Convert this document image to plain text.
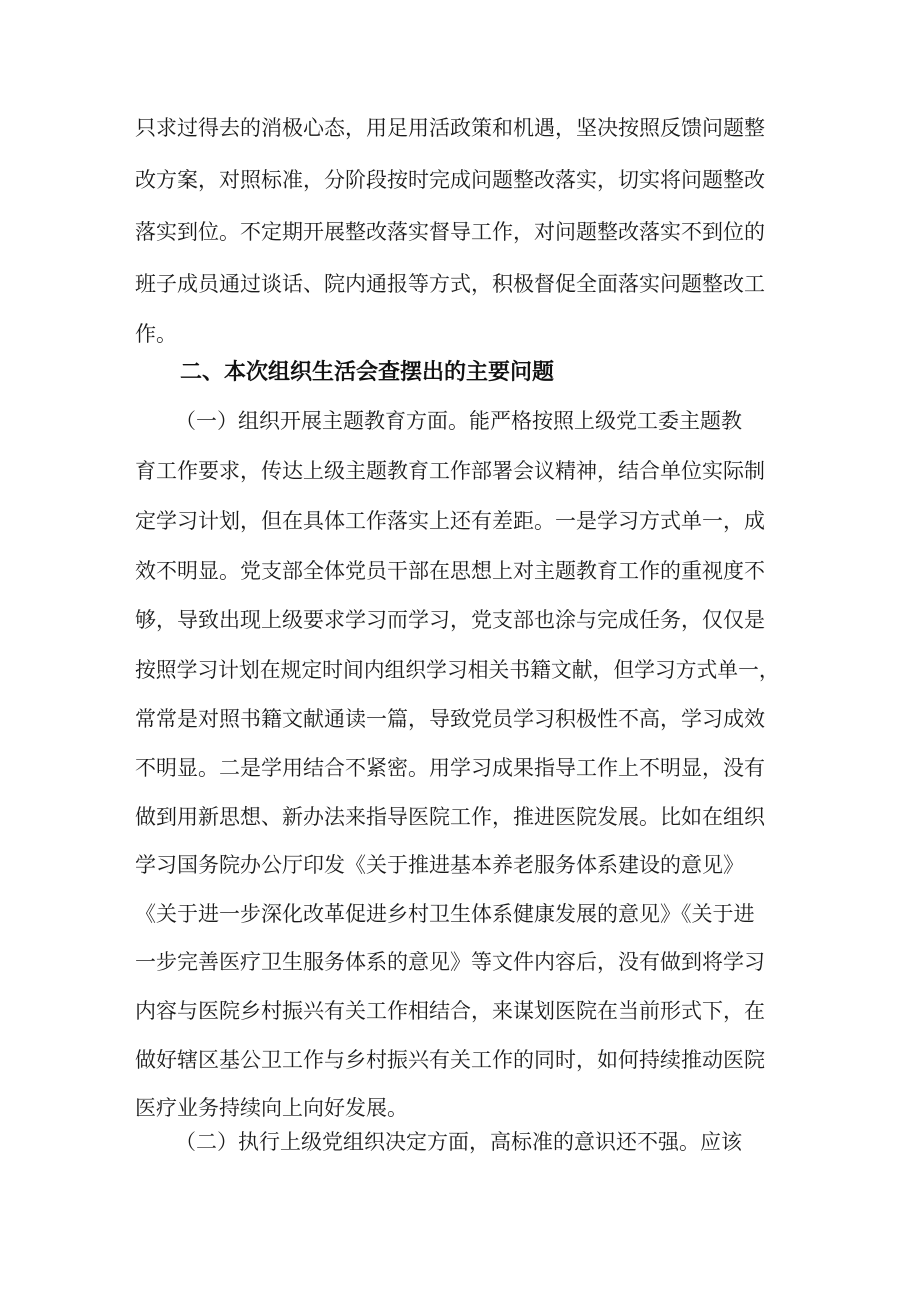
只求过得去的消极心态，用足用活政策和机遇，坚决按照反馈问题整
改方案，对照标准，分阶段按时完成问题整改落实，切实将问题整改
落实到位。不定期开展整改落实督导工作，对问题整改落实不到位的
班子成员通过谈话、院内通报等方式，积极督促全面落实问题整改工
作。
二、本次组织生活会查摆出的主要问题
（一）组织开展主题教育方面。能严格按照上级党工委主题教
育工作要求，传达上级主题教育工作部署会议精神，结合单位实际制
定学习计划，但在具体工作落实上还有差距。一是学习方式单一，成
效不明显。党支部全体党员干部在思想上对主题教育工作的重视度不
够，导致出现上级要求学习而学习，党支部也涂与完成任务，仅仅是
按照学习计划在规定时间内组织学习相关书籍文献，但学习方式单一，
常常是对照书籍文献通读一篇，导致党员学习积极性不高，学习成效
不明显。二是学用结合不紧密。用学习成果指导工作上不明显，没有
做到用新思想、新办法来指导医院工作，推进医院发展。比如在组织
学习国务院办公厅印发《关于推进基本养老服务体系建设的意见》
《关于进一步深化改革促进乡村卫生体系健康发展的意见》《关于进
一步完善医疗卫生服务体系的意见》等文件内容后，没有做到将学习
内容与医院乡村振兴有关工作相结合，来谋划医院在当前形式下，在
做好辖区基公卫工作与乡村振兴有关工作的同时，如何持续推动医院
医疗业务持续向上向好发展。
（二）执行上级党组织决定方面，高标准的意识还不强。应该
